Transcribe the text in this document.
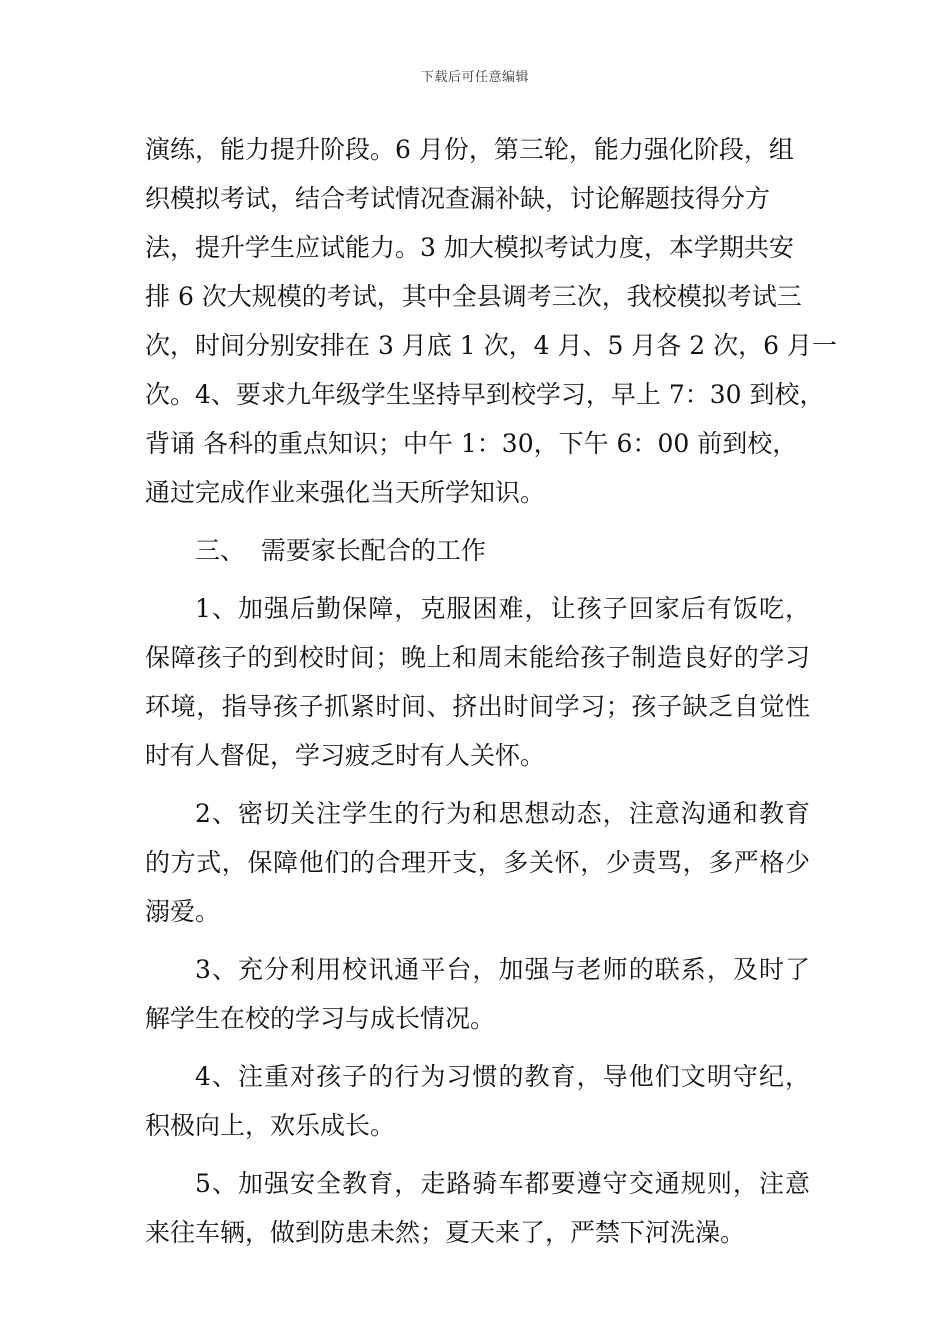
下载后可任意编辑

演练，能力提升阶段。6 月份，第三轮，能力强化阶段，组

织模拟考试，结合考试情况查漏补缺，讨论解题技得分方

法，提升学生应试能力。3 加大模拟考试力度，本学期共安

排 6 次大规模的考试，其中全县调考三次，我校模拟考试三

次，时间分别安排在 3 月底 1 次，4 月、5 月各 2 次，6 月一

次。4、要求九年级学生坚持早到校学习，早上 7：30 到校，

背诵 各科的重点知识；中午 1：30，下午 6：00 前到校，

通过完成作业来强化当天所学知识。

三、  需要家长配合的工作

1、加强后勤保障，克服困难，让孩子回家后有饭吃，保障孩子的到校时间；晚上和周末能给孩子制造良好的学习环境，指导孩子抓紧时间、挤出时间学习；孩子缺乏自觉性时有人督促，学习疲乏时有人关怀。

2、密切关注学生的行为和思想动态，注意沟通和教育的方式，保障他们的合理开支，多关怀，少责骂，多严格少溺爱。

3、充分利用校讯通平台，加强与老师的联系，及时了解学生在校的学习与成长情况。

4、注重对孩子的行为习惯的教育，导他们文明守纪，积极向上，欢乐成长。

5、加强安全教育，走路骑车都要遵守交通规则，注意来往车辆，做到防患未然；夏天来了，严禁下河洗澡。
